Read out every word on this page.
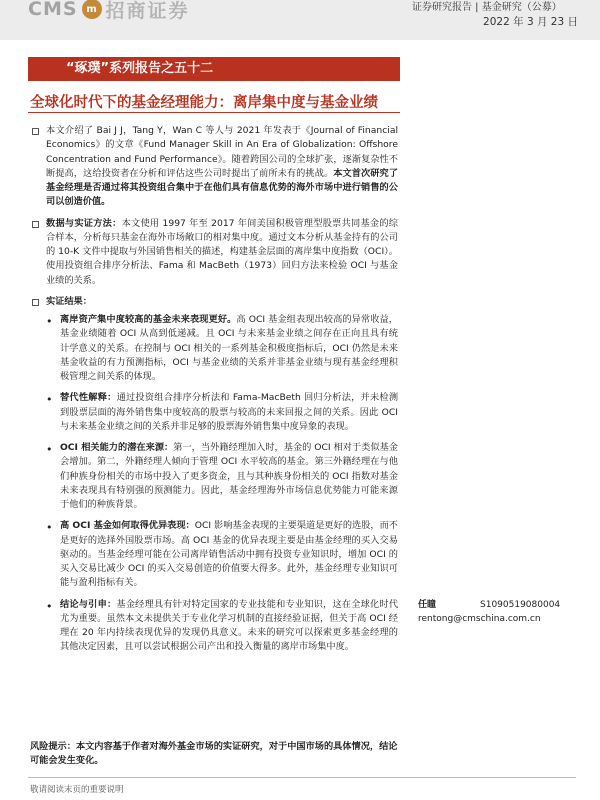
CMS m 招商证券	证券研究报告 | 基金研究（公募）
2022 年 3 月 23 日
“琢璞”系列报告之五十二
全球化时代下的基金经理能力：离岸集中度与基金业绩
本文介绍了 Bai J J，Tang Y，Wan C 等人与 2021 年发表于《Journal of Financial Economics》的文章《Fund Manager Skill in An Era of Globalization: Offshore Concentration and Fund Performance》。随着跨国公司的全球扩张，逐渐复杂性不断提高，这给投资者在分析和评估这些公司时提出了前所未有的挑战。本文首次研究了基金经理是否通过将其投资组合集中于在他们具有信息优势的海外市场中进行销售的公司以创造价值。
数据与实证方法：本文使用 1997 年至 2017 年间美国积极管理型股票共同基金的综合样本，分析每只基金在海外市场敞口的相对集中度。通过文本分析从基金持有的公司的 10-K 文件中提取与外国销售相关的描述，构建基金层面的离岸集中度指数（OCI）。使用投资组合排序分析法、Fama 和 MacBeth（1973）回归方法来检验 OCI 与基金业绩的关系。
实证结果：
• 离岸资产集中度较高的基金未来表现更好。高 OCI 基金组表现出较高的异常收益，基金业绩随着 OCI 从高到低递减。且 OCI 与未来基金业绩之间存在正向且具有统计学意义的关系。在控制与 OCI 相关的一系列基金积极度指标后，OCI 仍然是未来基金收益的有力预测指标，OCI 与基金业绩的关系并非基金业绩与现有基金经理积极管理之间关系的体现。
• 替代性解释：通过投资组合排序分析法和 Fama-MacBeth 回归分析法，并未检测到股票层面的海外销售集中度较高的股票与较高的未来回报之间的关系。因此 OCI 与未来基金业绩之间的关系并非足够的股票海外销售集中度异象的表现。
• OCI 相关能力的潜在来源：第一，当外籍经理加入时，基金的 OCI 相对于类似基金会增加。第二，外籍经理人倾向于管理 OCI 水平较高的基金。第三外籍经理在与他们种族身份相关的市场中投入了更多资金，且与其种族身份相关的 OCI 指数对基金未来表现具有特别强的预测能力。因此，基金经理海外市场信息优势能力可能来源于他们的种族背景。
• 高 OCI 基金如何取得优异表现：OCI 影响基金表现的主要渠道是更好的选股，而不是更好的选择外国股票市场。高 OCI 基金的优异表现主要是由基金经理的买入交易驱动的。当基金经理可能在公司离岸销售活动中拥有投资专业知识时，增加 OCI 的买入交易比减少 OCI 的买入交易创造的价值要大得多。此外，基金经理专业知识可能与盈利指标有关。
• 结论与引申：基金经理具有针对特定国家的专业技能和专业知识，这在全球化时代尤为重要。虽然本文未提供关于专业化学习机制的直接经验证据，但关于高 OCI 经理在 20 年内持续表现优异的发现仍具意义。未来的研究可以探索更多基金经理的其他决定因素，且可以尝试根据公司产出和投入衡量的离岸市场集中度。
风险提示：本文内容基于作者对海外基金市场的实证研究，对于中国市场的具体情况，结论可能会发生变化。
任瞳	S1090519080004
rentong@cmschina.com.cn
敬请阅读末页的重要说明
